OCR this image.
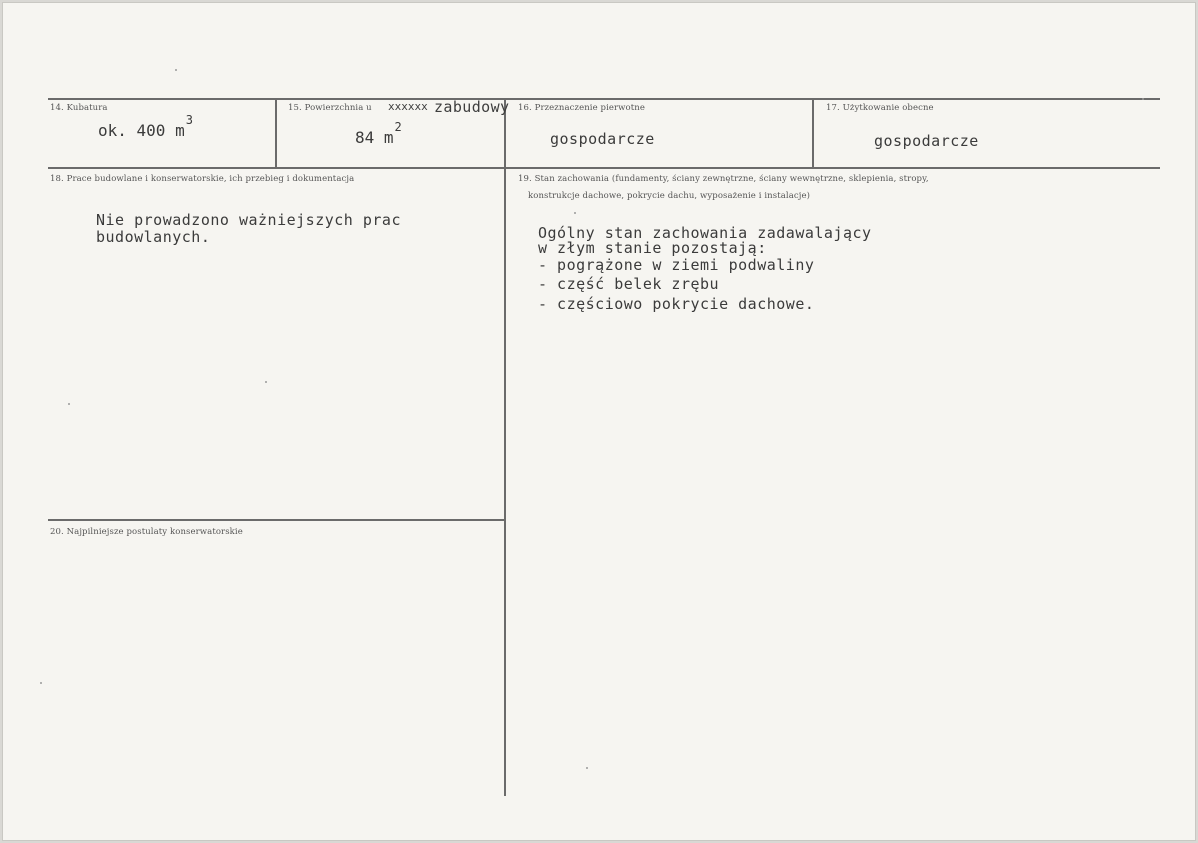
14. Kubatura
ok. 400 $m^3$
15. Powierzchnia u xxxxxx zabudowy
84 $m^2$
16. Przeznaczenie pierwotne
gospodarcze
17. Użytkowanie obecne
gospodarcze
18. Prace budowlane i konserwatorskie, ich przebieg i dokumentacja
Nie prowadzono ważniejszych prac
budowlanych.
19. Stan zachowania (fundamenty, ściany zewnętrzne, ściany wewnętrzne, sklepienia, stropy,
konstrukcje dachowe, pokrycie dachu, wyposażenie i instalacje)
Ogólny stan zachowania zadawalający
w złym stanie pozostają:
- pogrążone w ziemi podwaliny
- część belek zrębu
- częściowo pokrycie dachowe.
20. Najpilniejsze postulaty konserwatorskie
